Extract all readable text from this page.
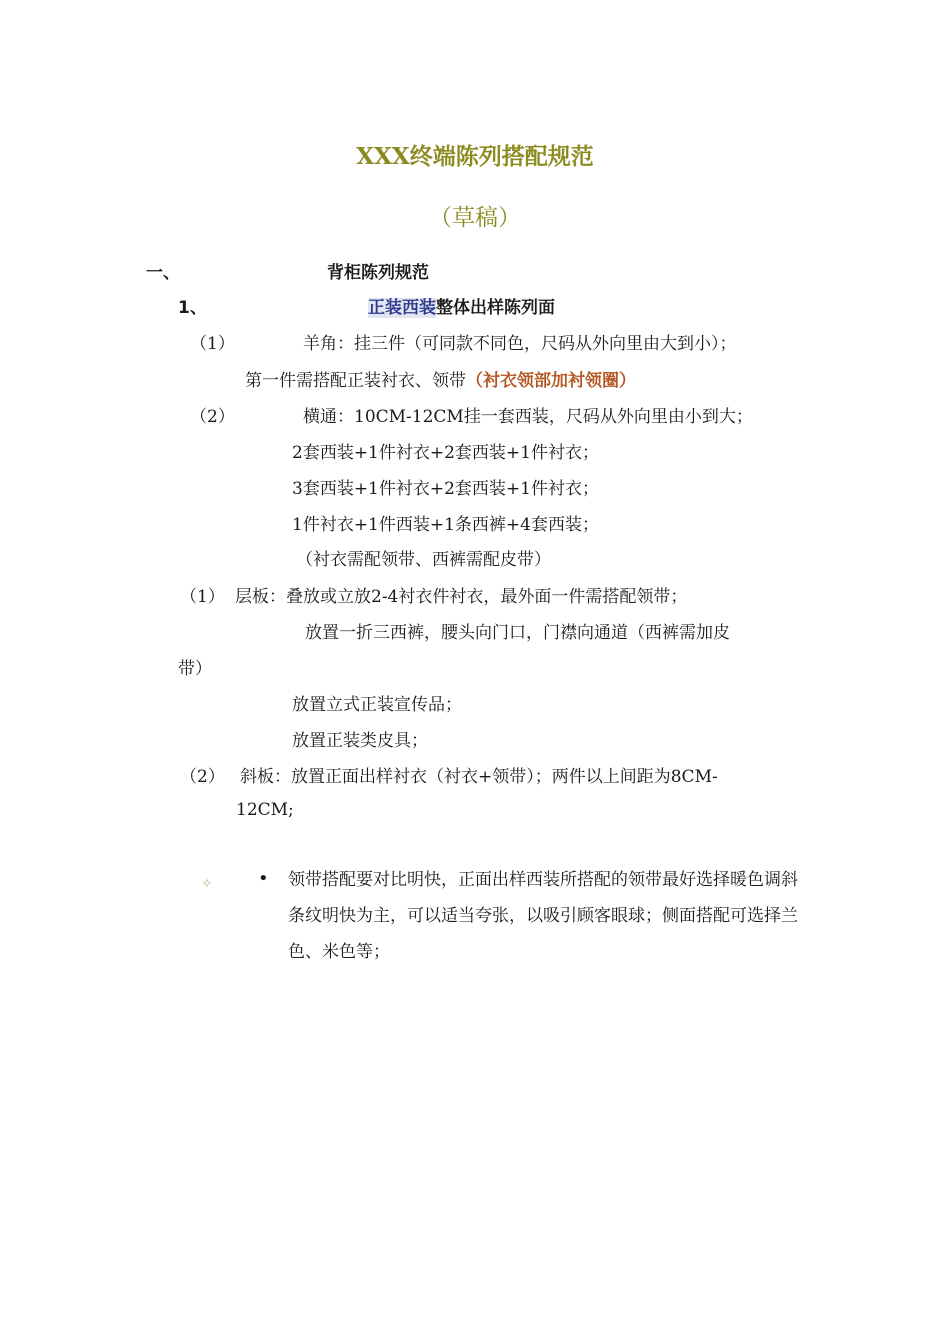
XXX终端陈列搭配规范
（草稿）
一、	背柜陈列规范
1、	正装西装整体出样陈列面
（1）	羊角：挂三件（可同款不同色，尺码从外向里由大到小）；
第一件需搭配正装衬衣、领带（衬衣领部加衬领圈）
（2）	横通：10CM-12CM挂一套西装，尺码从外向里由小到大；
2套西装+1件衬衣+2套西装+1件衬衣；
3套西装+1件衬衣+2套西装+1件衬衣；
1件衬衣+1件西装+1条西裤+4套西装；
（衬衣需配领带、西裤需配皮带）
（1） 层板：叠放或立放2-4衬衣件衬衣，最外面一件需搭配领带；
放置一折三西裤，腰头向门口，门襟向通道（西裤需加皮
带）
放置立式正装宣传品；
放置正装类皮具；
（2） 斜板：放置正面出样衬衣（衬衣+领带）；两件以上间距为8CM-
12CM;
✧	• 领带搭配要对比明快，正面出样西装所搭配的领带最好选择暖色调斜条纹明快为主，可以适当夸张，以吸引顾客眼球；侧面搭配可选择兰色、米色等；
